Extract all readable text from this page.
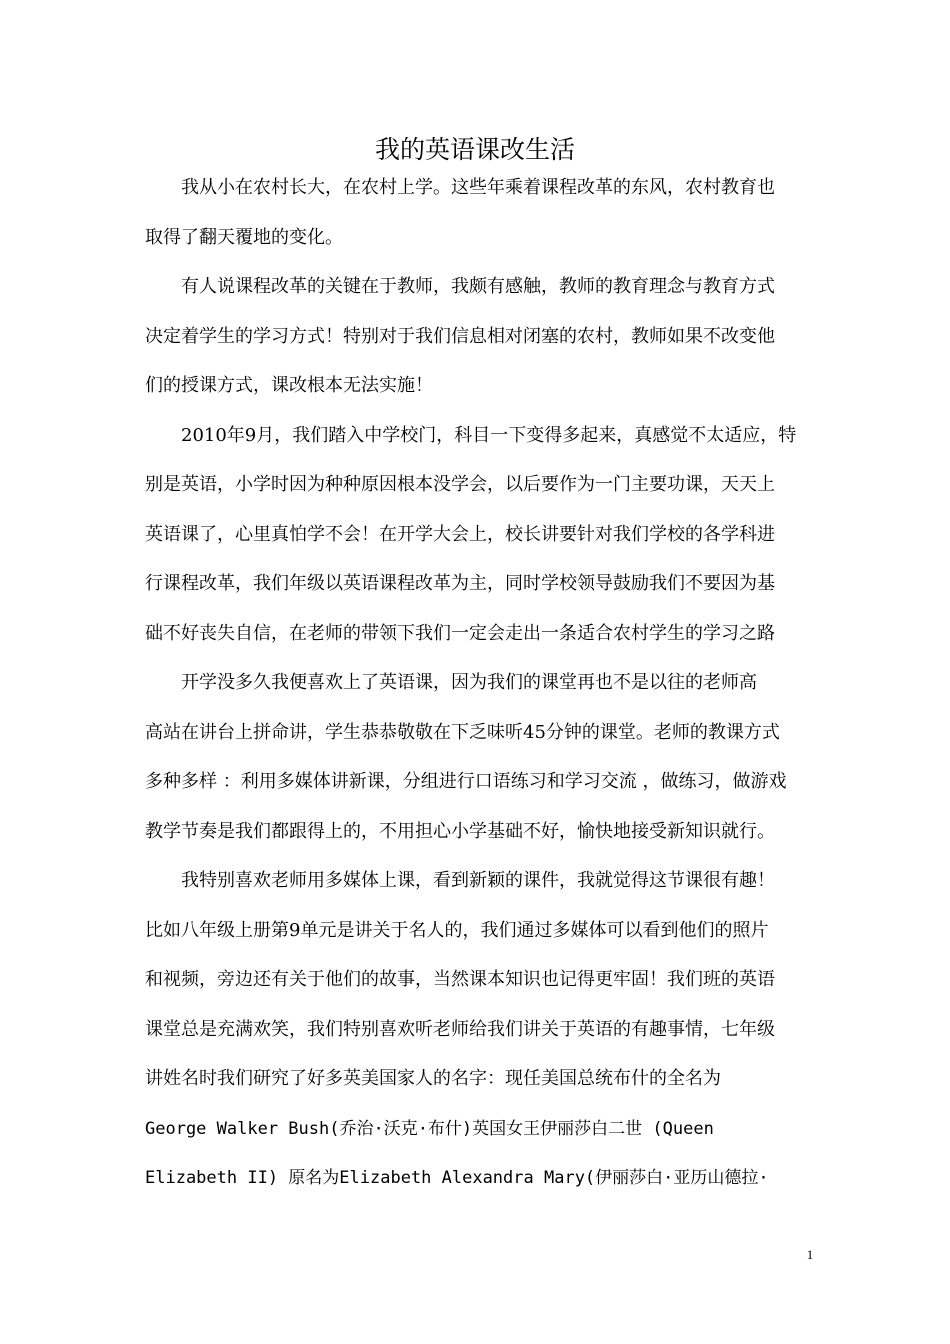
我的英语课改生活
我从小在农村长大，在农村上学。这些年乘着课程改革的东风，农村教育也
取得了翻天覆地的变化。
有人说课程改革的关键在于教师，我颇有感触，教师的教育理念与教育方式
决定着学生的学习方式！特别对于我们信息相对闭塞的农村，教师如果不改变他
们的授课方式，课改根本无法实施！
2010年9月，我们踏入中学校门，科目一下变得多起来，真感觉不太适应，特
别是英语，小学时因为种种原因根本没学会，以后要作为一门主要功课，天天上
英语课了，心里真怕学不会！在开学大会上，校长讲要针对我们学校的各学科进
行课程改革，我们年级以英语课程改革为主，同时学校领导鼓励我们不要因为基
础不好丧失自信，在老师的带领下我们一定会走出一条适合农村学生的学习之路
开学没多久我便喜欢上了英语课，因为我们的课堂再也不是以往的老师高
高站在讲台上拼命讲，学生恭恭敬敬在下乏味听45分钟的课堂。老师的教课方式
多种多样 ：利用多媒体讲新课，分组进行口语练习和学习交流 ，做练习，做游戏
教学节奏是我们都跟得上的，不用担心小学基础不好，愉快地接受新知识就行。
我特别喜欢老师用多媒体上课，看到新颖的课件，我就觉得这节课很有趣！
比如八年级上册第9单元是讲关于名人的，我们通过多媒体可以看到他们的照片
和视频，旁边还有关于他们的故事，当然课本知识也记得更牢固！我们班的英语
课堂总是充满欢笑，我们特别喜欢听老师给我们讲关于英语的有趣事情，七年级
讲姓名时我们研究了好多英美国家人的名字：现任美国总统布什的全名为
George Walker Bush(乔治·沃克·布什)英国女王伊丽莎白二世 (Queen
Elizabeth II) 原名为Elizabeth Alexandra Mary(伊丽莎白·亚历山德拉·
1
